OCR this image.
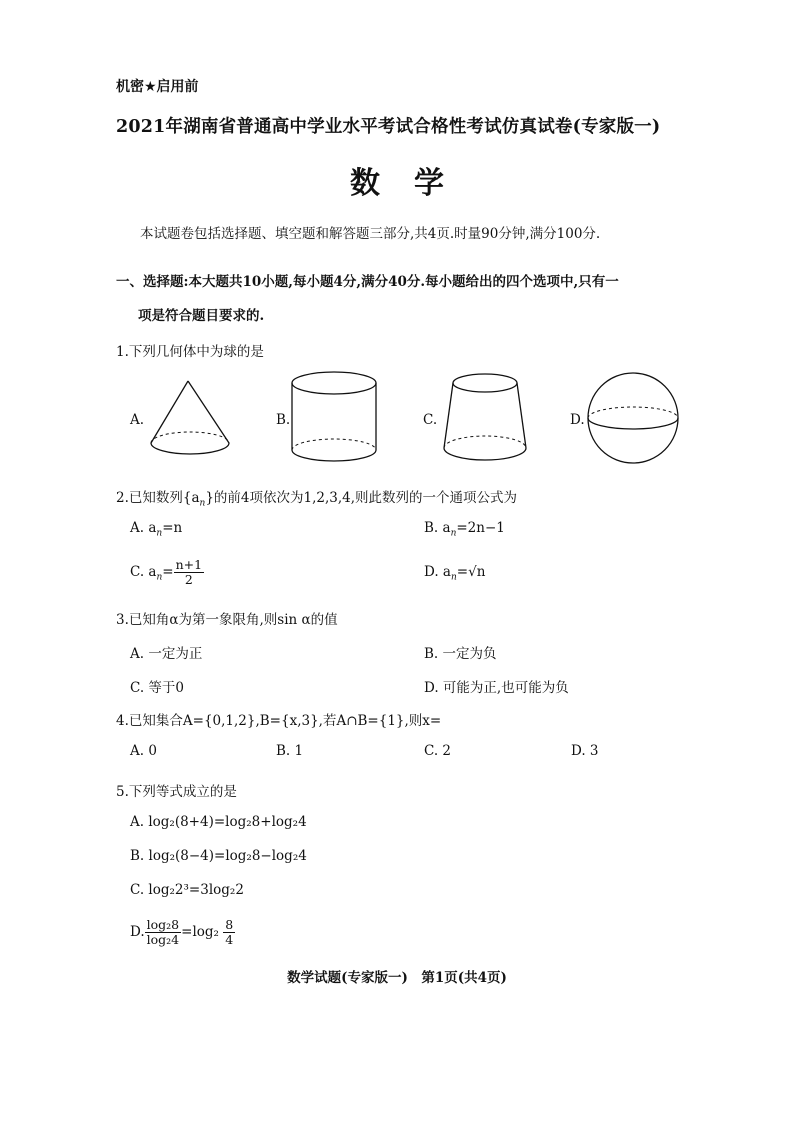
机密★启用前
2021年湖南省普通高中学业水平考试合格性考试仿真试卷(专家版一)
数学
本试题卷包括选择题、填空题和解答题三部分,共4页.时量90分钟,满分100分.
一、选择题:本大题共10小题,每小题4分,满分40分.每小题给出的四个选项中,只有一
项是符合题目要求的.
1.下列几何体中为球的是
A.	B.	C.	D.
2.已知数列$\{a_n\}$的前4项依次为1,2,3,4,则此数列的一个通项公式为
A. $a_n=n$	B. $a_n=2n-1$
C. $a_n= \frac{n+1}{2}$	D. $a_n=√n$
3.已知角α为第一象限角,则sin α的值
A. 一定为正	B. 一定为负
C. 等于0	D. 可能为正,也可能为负
4.已知集合A={0,1,2},B={x,3},若A∩B={1},则x=
A. 0	B. 1	C. 2	D. 3
5.下列等式成立的是
A. log₂(8+4)=log₂8+log₂4
B. log₂(8−4)=log₂8−log₂4
C. log₂2³=3log₂2
D. $\frac{\text{log₂8}}{\text{log₂4}} =\log_2 \frac{8}{4}$
数学试题(专家版一)　第1页(共4页)
